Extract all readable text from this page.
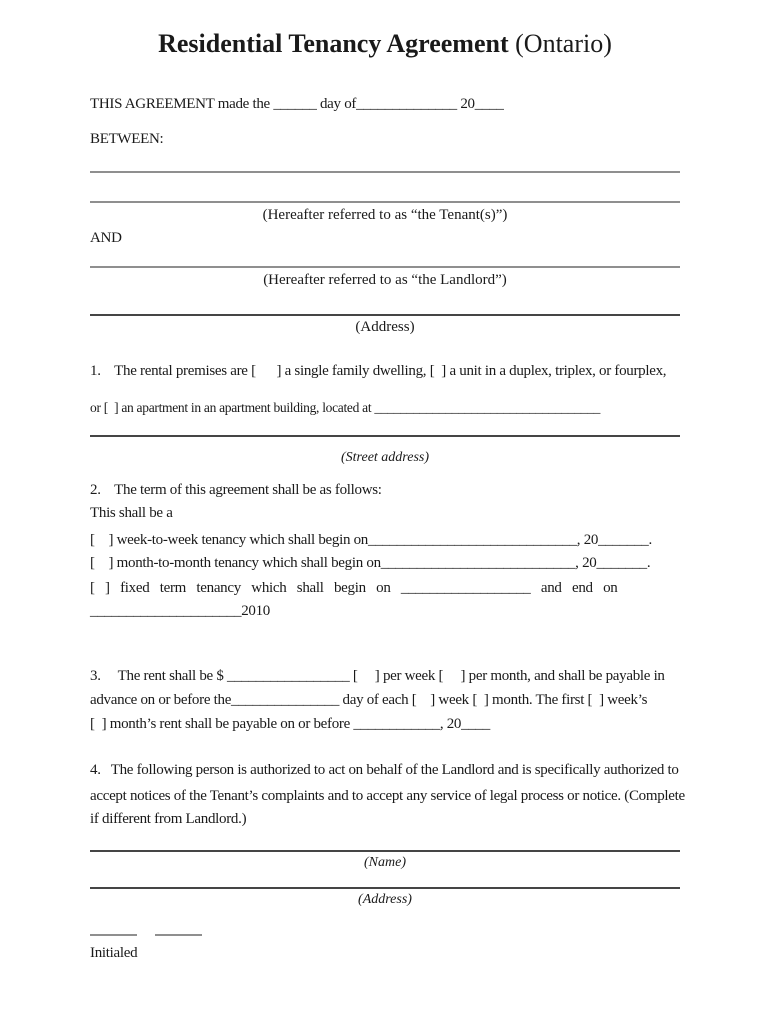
Residential Tenancy Agreement (Ontario)
THIS AGREEMENT made the ______ day of______________ 20____
BETWEEN:
(Hereafter referred to as “the Tenant(s)”)
AND
(Hereafter referred to as “the Landlord”)
(Address)
1.    The rental premises are [      ] a single family dwelling, [  ] a unit in a duplex, triplex, or fourplex,
or [  ] an apartment in an apartment building, located at ___________________________________
(Street address)
2.    The term of this agreement shall be as follows:
This shall be a
[    ] week-to-week tenancy which shall begin on_____________________________, 20_______.
[    ] month-to-month tenancy which shall begin on___________________________, 20_______.
[   ]   fixed   term   tenancy   which   shall   begin   on   __________________   and   end   on
_____________________2010
3.     The rent shall be $ _________________ [     ] per week [     ] per month, and shall be payable in
advance on or before the_______________ day of each [    ] week [  ] month. The first [  ] week’s
[  ] month’s rent shall be payable on or before ____________, 20____
4.   The following person is authorized to act on behalf of the Landlord and is specifically authorized to
accept notices of the Tenant’s complaints and to accept any service of legal process or notice. (Complete
if different from Landlord.)
(Name)
(Address)
Initialed
